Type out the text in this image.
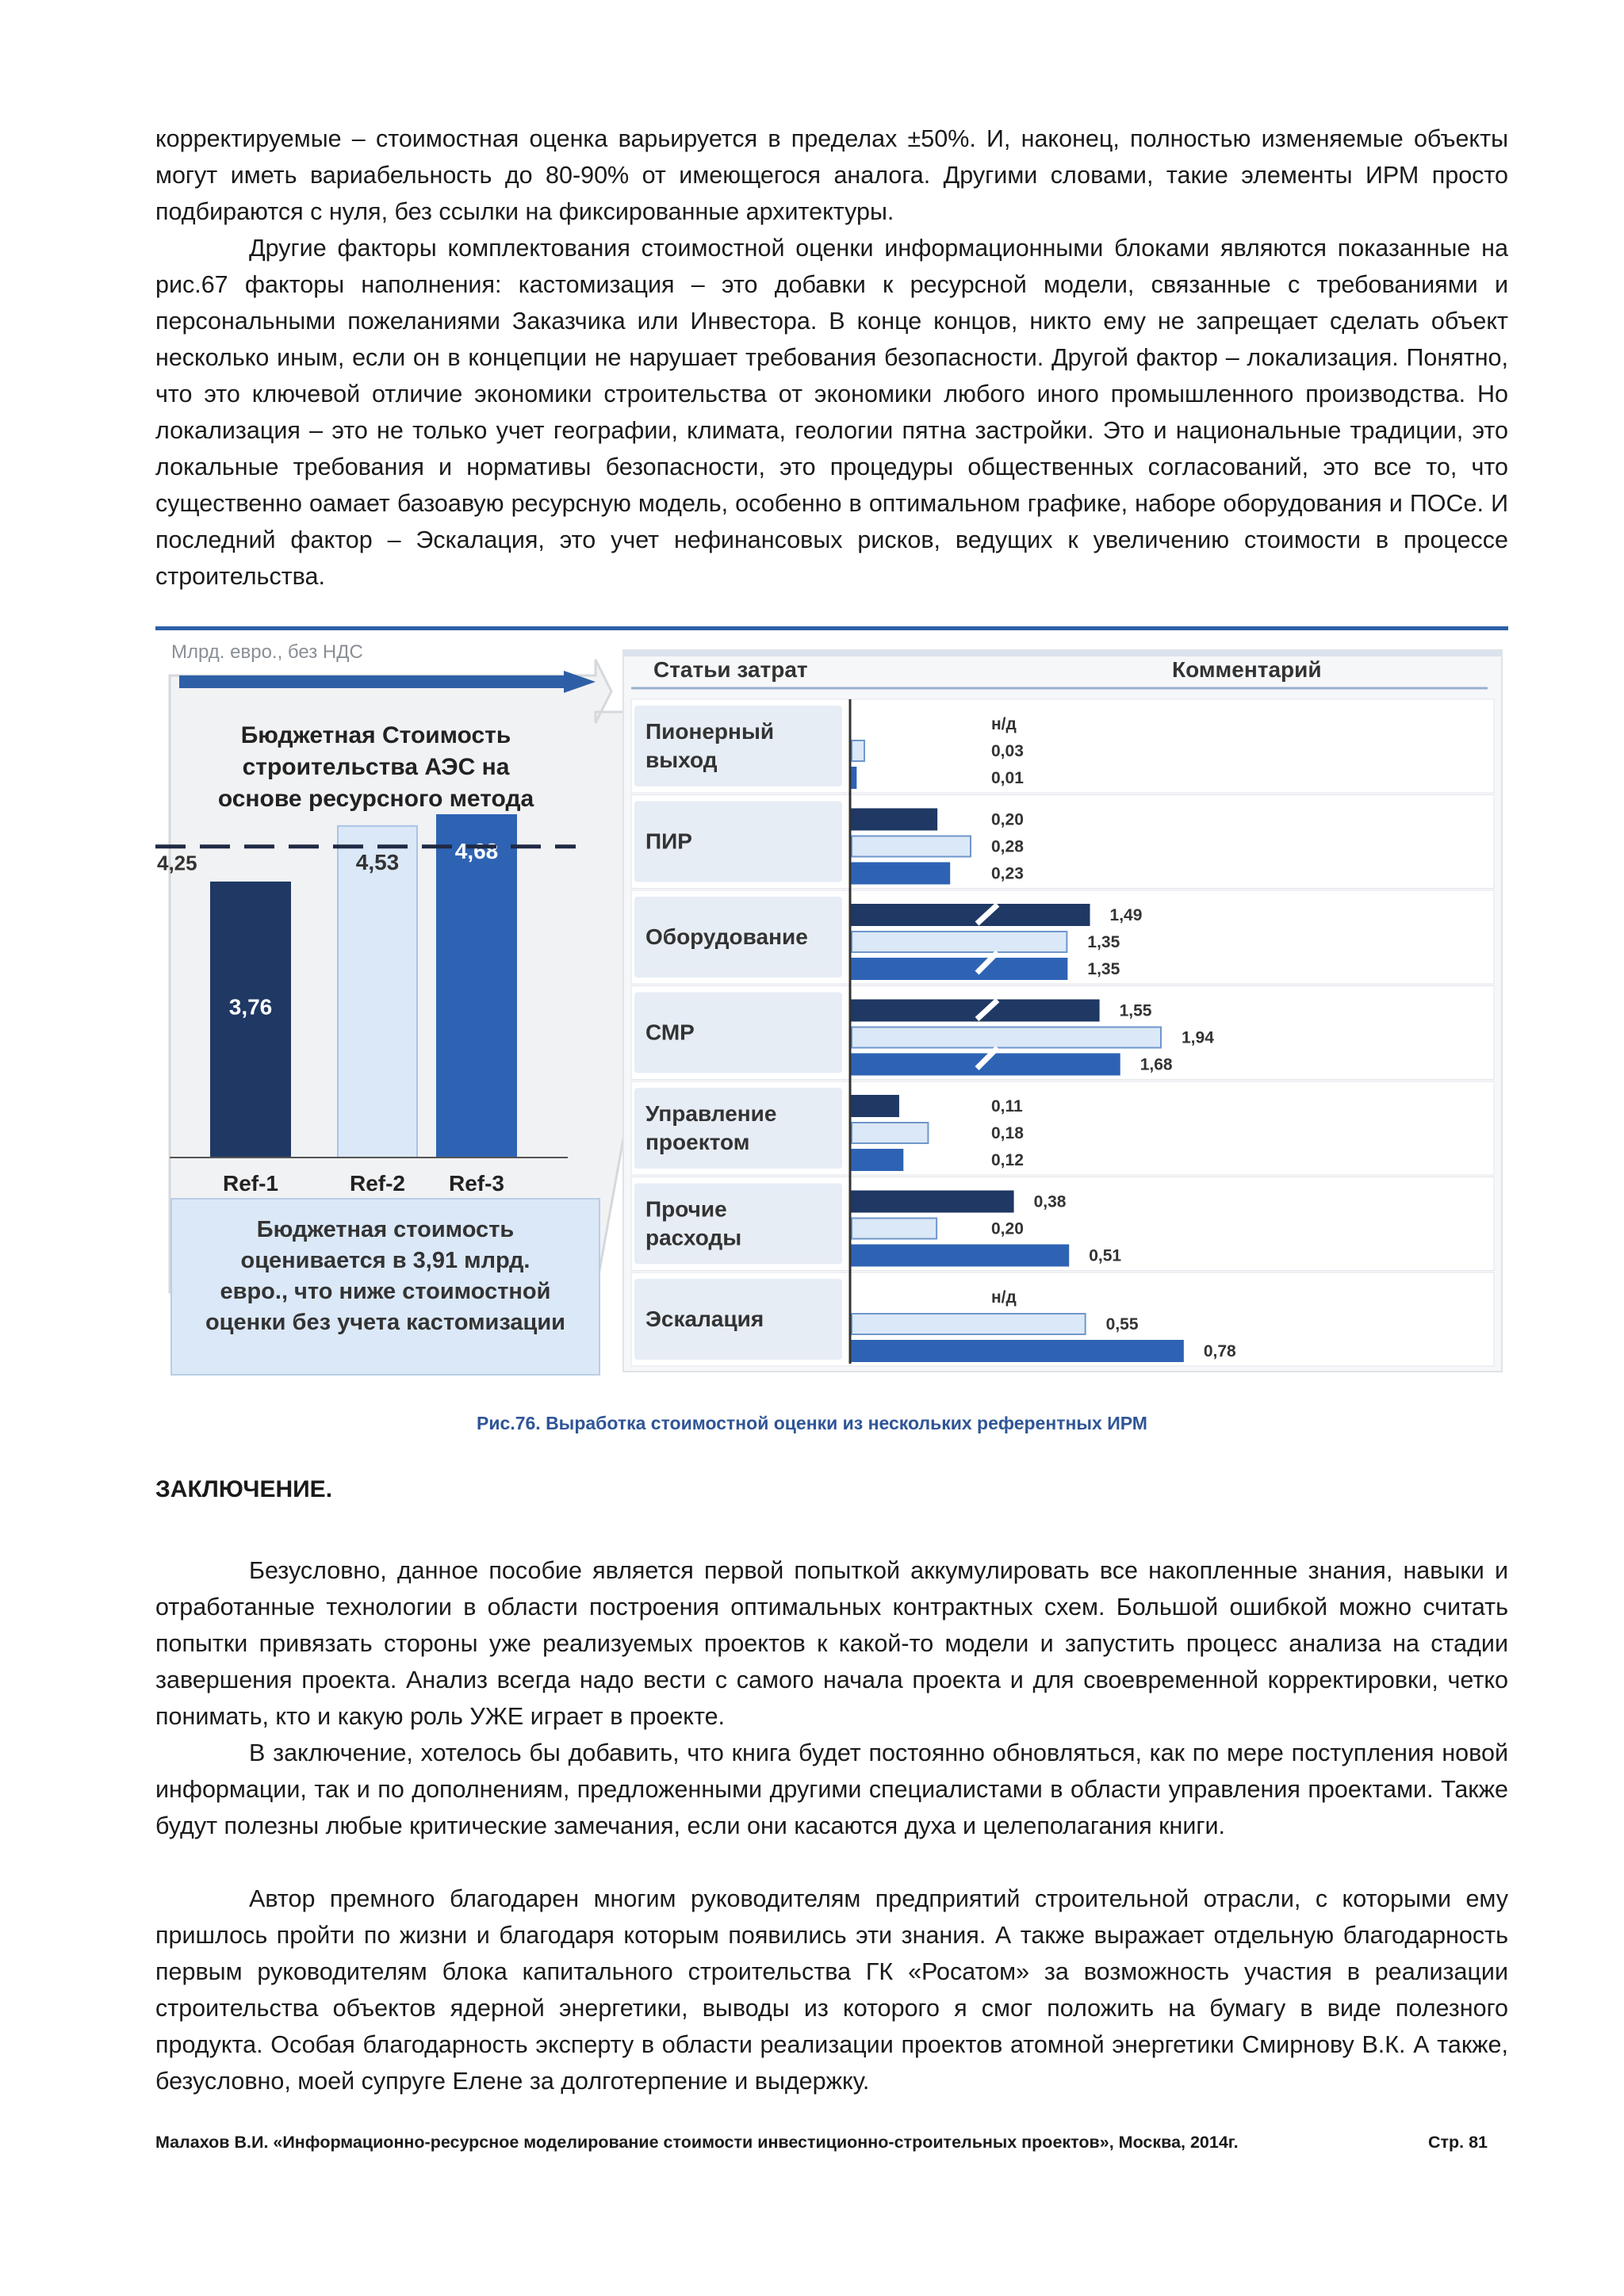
корректируемые – стоимостная оценка варьируется в пределах ±50%. И, наконец, полностью изменяемые объекты могут иметь вариабельность до 80-90% от имеющегося аналога. Другими словами, такие элементы ИРМ просто подбираются с нуля, без ссылки на фиксированные архитектуры.

Другие факторы комплектования стоимостной оценки информационными блоками являются показанные на рис.67 факторы наполнения: кастомизация – это добавки к ресурсной модели, связанные с требованиями и персональными пожеланиями Заказчика или Инвестора. В конце концов, никто ему не запрещает сделать объект несколько иным, если он в концепции не нарушает требования безопасности. Другой фактор – локализация. Понятно, что это ключевой отличие экономики строительства от экономики любого иного промышленного производства. Но локализация – это не только учет географии, климата, геологии пятна застройки. Это и национальные традиции, это локальные требования и нормативы безопасности, это процедуры общественных согласований, это все то, что существенно оамает базоавую ресурсную модель, особенно в оптимальном графике, наборе оборудования и ПОСе. И последний фактор – Эскалация, это учет нефинансовых рисков, ведущих к увеличению стоимости в процессе строительства.

Млрд. евро., без НДС
Бюджетная Стоимость строительства АЭС на основе ресурсного метода
3,76
Ref-1
4,53
Ref-2
4,68
Ref-3
4,25
Бюджетная стоимость оценивается в 3,91 млрд. евро., что ниже стоимостной оценки без учета кастомизации
Статьи затрат	Комментарий
Пионерный выход
н/д
0,03
0,01
ПИР
0,20
0,28
0,23
Оборудование
1,49
1,35
1,35
СМР
1,55
1,94
1,68
Управление проектом
0,11
0,18
0,12
Прочие расходы
0,38
0,20
0,51
Эскалация
н/д
0,55
0,78
Рис.76. Выработка стоимостной оценки из нескольких референтных ИРМ
ЗАКЛЮЧЕНИЕ.

Безусловно, данное пособие является первой попыткой аккумулировать все накопленные знания, навыки и отработанные технологии в области построения оптимальных контрактных схем. Большой ошибкой можно считать попытки привязать стороны уже реализуемых проектов к какой-то модели и запустить процесс анализа на стадии завершения проекта. Анализ всегда надо вести с самого начала проекта и для своевременной корректировки, четко понимать, кто и какую роль УЖЕ играет в проекте.

В заключение, хотелось бы добавить, что книга будет постоянно обновляться, как по мере поступления новой информации, так и по дополнениям, предложенными другими специалистами в области управления проектами. Также будут полезны любые критические замечания, если они касаются духа и целеполагания книги.

Автор премного благодарен многим руководителям предприятий строительной отрасли, с которыми ему пришлось пройти по жизни и благодаря которым появились эти знания. А также выражает отдельную благодарность первым руководителям блока капитального строительства ГК «Росатом» за возможность участия в реализации строительства объектов ядерной энергетики, выводы из которого я смог положить на бумагу в виде полезного продукта. Особая благодарность эксперту в области реализации проектов атомной энергетики Смирнову В.К. А также, безусловно, моей супруге Елене за долготерпение и выдержку.

Малахов В.И. «Информационно-ресурсное моделирование стоимости инвестиционно-строительных проектов», Москва, 2014г.	Стр. 81
